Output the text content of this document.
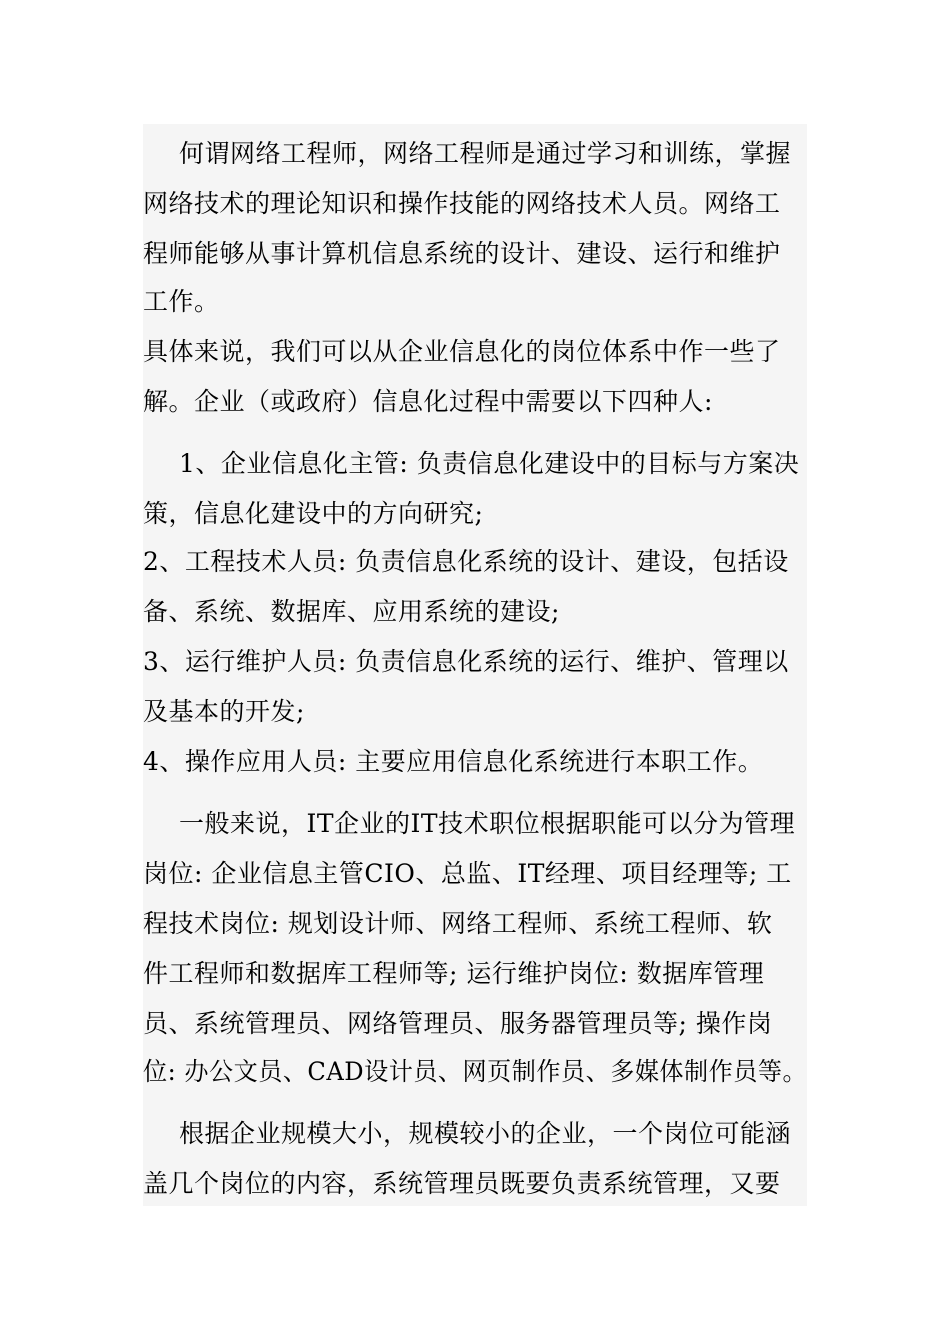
何谓网络工程师，网络工程师是通过学习和训练，掌握
网络技术的理论知识和操作技能的网络技术人员。网络工
程师能够从事计算机信息系统的设计、建设、运行和维护
工作。
具体来说，我们可以从企业信息化的岗位体系中作一些了
解。企业（或政府）信息化过程中需要以下四种人:
1、企业信息化主管: 负责信息化建设中的目标与方案决
策，信息化建设中的方向研究;
2、工程技术人员: 负责信息化系统的设计、建设，包括设
备、系统、数据库、应用系统的建设;
3、运行维护人员: 负责信息化系统的运行、维护、管理以
及基本的开发;
4、操作应用人员: 主要应用信息化系统进行本职工作。
一般来说，IT企业的IT技术职位根据职能可以分为管理
岗位: 企业信息主管CIO、总监、IT经理、项目经理等; 工
程技术岗位: 规划设计师、网络工程师、系统工程师、软
件工程师和数据库工程师等; 运行维护岗位: 数据库管理
员、系统管理员、网络管理员、服务器管理员等; 操作岗
位: 办公文员、CAD设计员、网页制作员、多媒体制作员等。
根据企业规模大小，规模较小的企业，一个岗位可能涵
盖几个岗位的内容，系统管理员既要负责系统管理，又要
